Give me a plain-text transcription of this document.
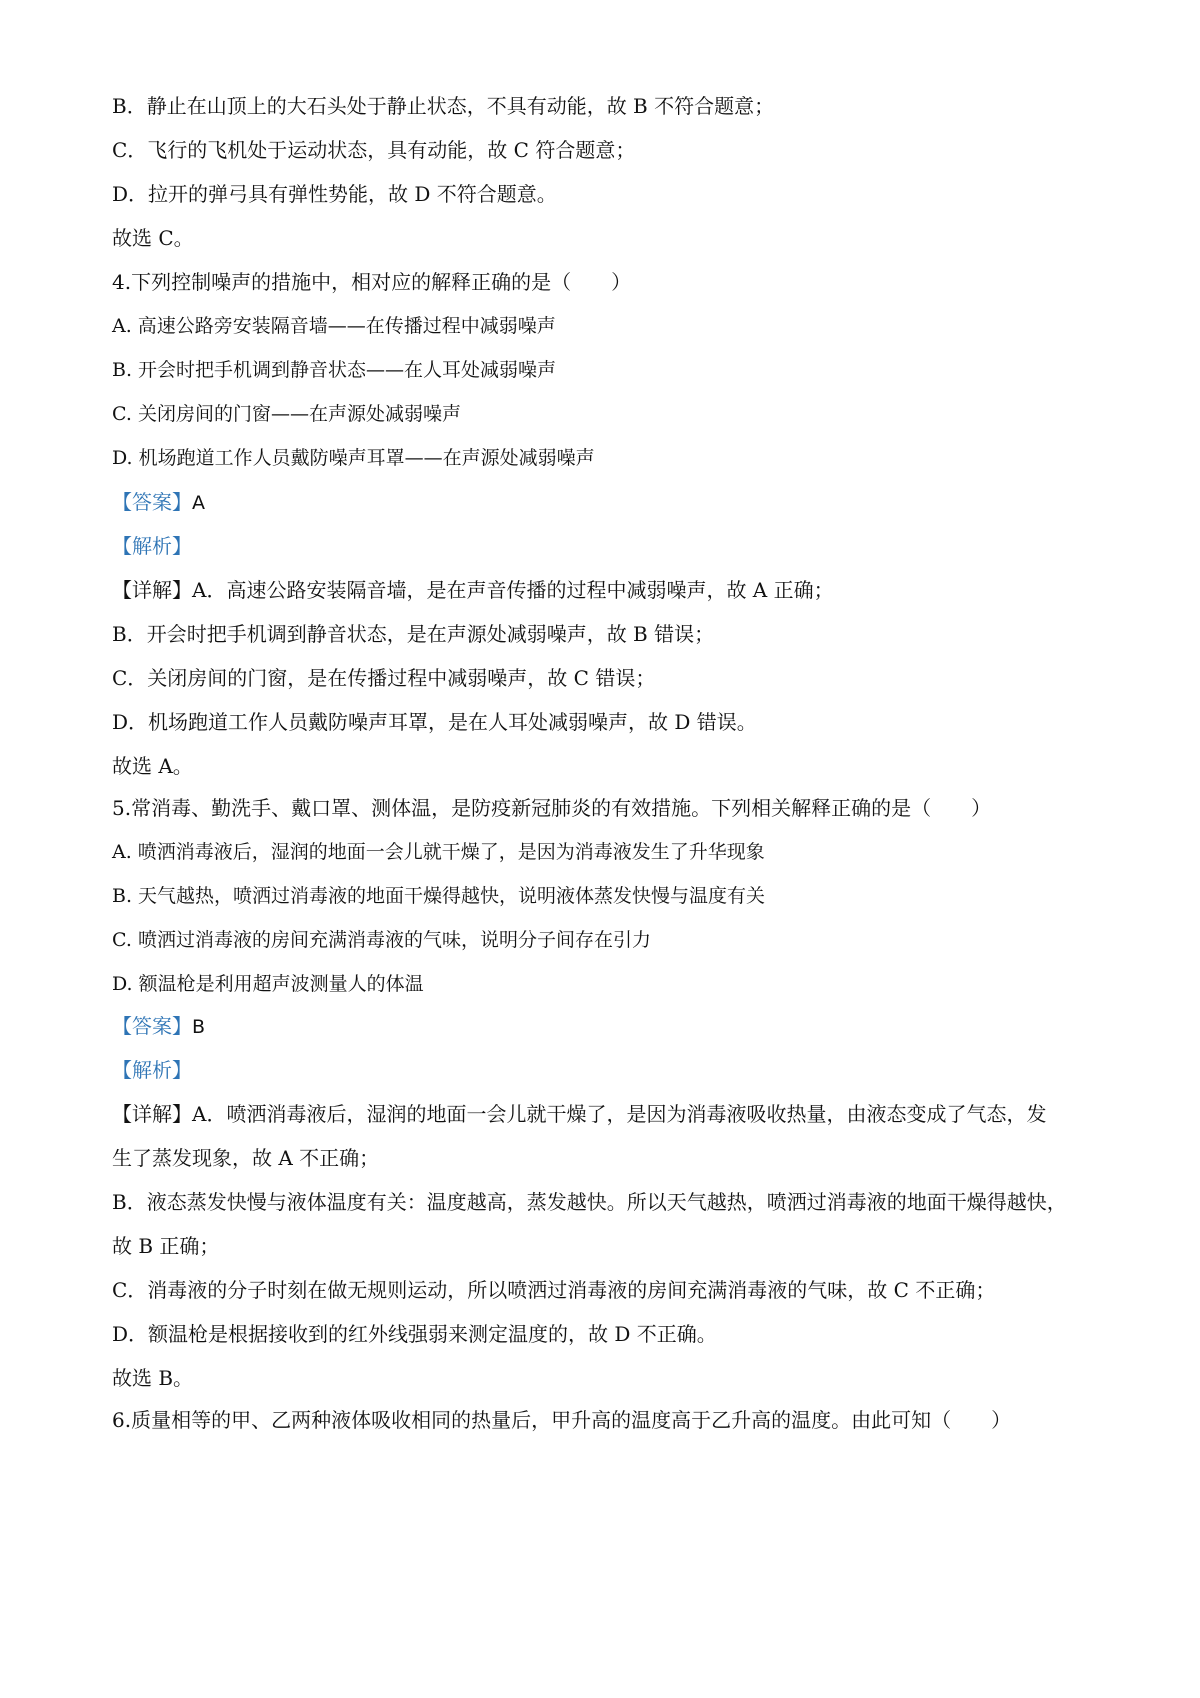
B．静止在山顶上的大石头处于静止状态，不具有动能，故 B 不符合题意；
C．飞行的飞机处于运动状态，具有动能，故 C 符合题意；
D．拉开的弹弓具有弹性势能，故 D 不符合题意。
故选 C。
4.下列控制噪声的措施中，相对应的解释正确的是（　　）
A. 高速公路旁安装隔音墙——在传播过程中减弱噪声
B. 开会时把手机调到静音状态——在人耳处减弱噪声
C. 关闭房间的门窗——在声源处减弱噪声
D. 机场跑道工作人员戴防噪声耳罩——在声源处减弱噪声
【答案】A
【解析】
【详解】A．高速公路安装隔音墙，是在声音传播的过程中减弱噪声，故 A 正确；
B．开会时把手机调到静音状态，是在声源处减弱噪声，故 B 错误；
C．关闭房间的门窗，是在传播过程中减弱噪声，故 C 错误；
D．机场跑道工作人员戴防噪声耳罩，是在人耳处减弱噪声，故 D 错误。
故选 A。
5.常消毒、勤洗手、戴口罩、测体温，是防疫新冠肺炎的有效措施。下列相关解释正确的是（　　）
A. 喷洒消毒液后，湿润的地面一会儿就干燥了，是因为消毒液发生了升华现象
B. 天气越热，喷洒过消毒液的地面干燥得越快，说明液体蒸发快慢与温度有关
C. 喷洒过消毒液的房间充满消毒液的气味，说明分子间存在引力
D. 额温枪是利用超声波测量人的体温
【答案】B
【解析】
【详解】A．喷洒消毒液后，湿润的地面一会儿就干燥了，是因为消毒液吸收热量，由液态变成了气态，发
生了蒸发现象，故 A 不正确；
B．液态蒸发快慢与液体温度有关：温度越高，蒸发越快。所以天气越热，喷洒过消毒液的地面干燥得越快，
故 B 正确；
C．消毒液的分子时刻在做无规则运动，所以喷洒过消毒液的房间充满消毒液的气味，故 C 不正确；
D．额温枪是根据接收到的红外线强弱来测定温度的，故 D 不正确。
故选 B。
6.质量相等的甲、乙两种液体吸收相同的热量后，甲升高的温度高于乙升高的温度。由此可知（　　）
